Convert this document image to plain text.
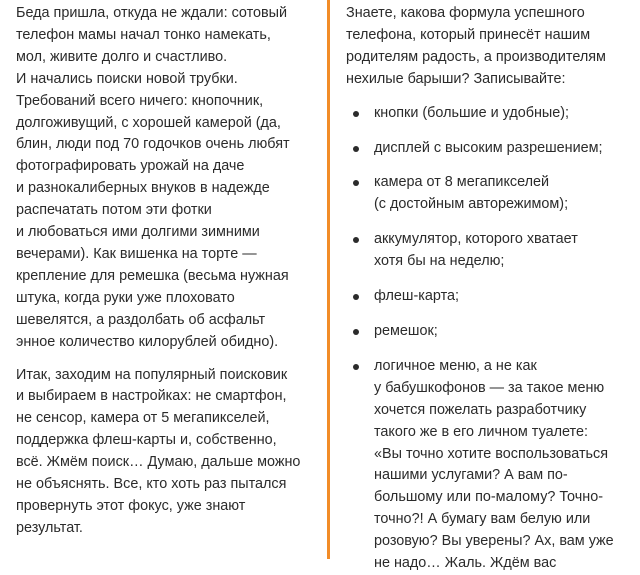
Беда пришла, откуда не ждали: сотовый
телефон мамы начал тонко намекать,
мол, живите долго и счастливо.
И начались поиски новой трубки.
Требований всего ничего: кнопочник,
долгоживущий, с хорошей камерой (да,
блин, люди под 70 годочков очень любят
фотографировать урожай на даче
и разнокалиберных внуков в надежде
распечатать потом эти фотки
и любоваться ими долгими зимними
вечерами). Как вишенка на торте —
крепление для ремешка (весьма нужная
штука, когда руки уже плоховато
шевелятся, а раздолбать об асфальт
энное количество килорублей обидно).

Итак, заходим на популярный поисковик
и выбираем в настройках: не смартфон,
не сенсор, камера от 5 мегапикселей,
поддержка флеш-карты и, собственно,
всё. Жмём поиск… Думаю, дальше можно
не объяснять. Все, кто хоть раз пытался
провернуть этот фокус, уже знают
результат.

Знаете, какова формула успешного
телефона, который принесёт нашим
родителям радость, а производителям
нехилые барыши? Записывайте:

кнопки (большие и удобные);
дисплей с высоким разрешением;
камера от 8 мегапикселей
(с достойным авторежимом);
аккумулятор, которого хватает
хотя бы на неделю;
флеш-карта;
ремешок;
логичное меню, а не как
у бабушкофонов — за такое меню
хочется пожелать разработчику
такого же в его личном туалете:
«Вы точно хотите воспользоваться
нашими услугами? А вам по-
большому или по-малому? Точно-
точно?! А бумагу вам белую или
розовую? Вы уверены? Ах, вам уже
не надо… Жаль. Ждём вас
